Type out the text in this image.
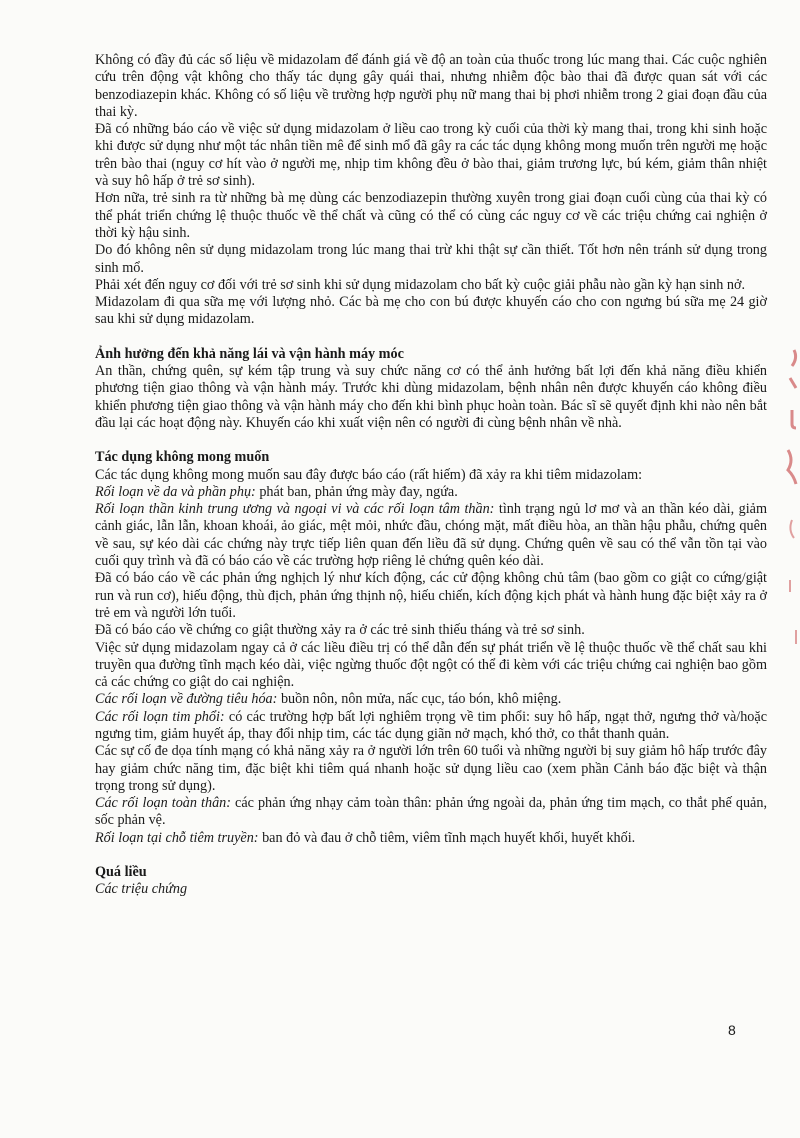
Không có đầy đủ các số liệu về midazolam để đánh giá về độ an toàn của thuốc trong lúc mang thai. Các cuộc nghiên cứu trên động vật không cho thấy tác dụng gây quái thai, nhưng nhiễm độc bào thai đã được quan sát với các benzodiazepin khác. Không có số liệu về trường hợp người phụ nữ mang thai bị phơi nhiễm trong 2 giai đoạn đầu của thai kỳ.

Đã có những báo cáo về việc sử dụng midazolam ở liều cao trong kỳ cuối của thời kỳ mang thai, trong khi sinh hoặc khi được sử dụng như một tác nhân tiền mê để sinh mổ đã gây ra các tác dụng không mong muốn trên người mẹ hoặc trên bào thai (nguy cơ hít vào ở người mẹ, nhịp tim không đều ở bào thai, giảm trương lực, bú kém, giảm thân nhiệt và suy hô hấp ở trẻ sơ sinh).

Hơn nữa, trẻ sinh ra từ những bà mẹ dùng các benzodiazepin thường xuyên trong giai đoạn cuối cùng của thai kỳ có thể phát triển chứng lệ thuộc thuốc về thể chất và cũng có thể có cùng các nguy cơ về các triệu chứng cai nghiện ở thời kỳ hậu sinh.

Do đó không nên sử dụng midazolam trong lúc mang thai trừ khi thật sự cần thiết. Tốt hơn nên tránh sử dụng trong sinh mổ.

Phải xét đến nguy cơ đối với trẻ sơ sinh khi sử dụng midazolam cho bất kỳ cuộc giải phẫu nào gần kỳ hạn sinh nở.

Midazolam đi qua sữa mẹ với lượng nhỏ. Các bà mẹ cho con bú được khuyến cáo cho con ngưng bú sữa mẹ 24 giờ sau khi sử dụng midazolam.

Ảnh hưởng đến khả năng lái và vận hành máy móc

An thần, chứng quên, sự kém tập trung và suy chức năng cơ có thể ảnh hưởng bất lợi đến khả năng điều khiển phương tiện giao thông và vận hành máy. Trước khi dùng midazolam, bệnh nhân nên được khuyến cáo không điều khiển phương tiện giao thông và vận hành máy cho đến khi bình phục hoàn toàn. Bác sĩ sẽ quyết định khi nào nên bắt đầu lại các hoạt động này. Khuyến cáo khi xuất viện nên có người đi cùng bệnh nhân về nhà.

Tác dụng không mong muốn

Các tác dụng không mong muốn sau đây được báo cáo (rất hiếm) đã xảy ra khi tiêm midazolam:

Rối loạn về da và phần phụ: phát ban, phản ứng mày đay, ngứa.

Rối loạn thần kinh trung ương và ngoại vi và các rối loạn tâm thần: tình trạng ngủ lơ mơ và an thần kéo dài, giảm cảnh giác, lẫn lẫn, khoan khoái, ảo giác, mệt mỏi, nhức đầu, chóng mặt, mất điều hòa, an thần hậu phẫu, chứng quên về sau, sự kéo dài các chứng này trực tiếp liên quan đến liều đã sử dụng. Chứng quên về sau có thể vẫn tồn tại vào cuối quy trình và đã có báo cáo về các trường hợp riêng lẻ chứng quên kéo dài.

Đã có báo cáo về các phản ứng nghịch lý như kích động, các cử động không chủ tâm (bao gồm co giật co cứng/giật run và run cơ), hiếu động, thù địch, phản ứng thịnh nộ, hiếu chiến, kích động kịch phát và hành hung đặc biệt xảy ra ở trẻ em và người lớn tuổi.

Đã có báo cáo về chứng co giật thường xảy ra ở các trẻ sinh thiếu tháng và trẻ sơ sinh.

Việc sử dụng midazolam ngay cả ở các liều điều trị có thể dẫn đến sự phát triển về lệ thuộc thuốc về thể chất sau khi truyền qua đường tĩnh mạch kéo dài, việc ngừng thuốc đột ngột có thể đi kèm với các triệu chứng cai nghiện bao gồm cả các chứng co giật do cai nghiện.

Các rối loạn về đường tiêu hóa: buồn nôn, nôn mửa, nấc cục, táo bón, khô miệng.

Các rối loạn tim phổi: có các trường hợp bất lợi nghiêm trọng về tim phổi: suy hô hấp, ngạt thở, ngưng thở và/hoặc ngưng tim, giảm huyết áp, thay đổi nhịp tim, các tác dụng giãn nở mạch, khó thở, co thắt thanh quản.

Các sự cố đe dọa tính mạng có khả năng xảy ra ở người lớn trên 60 tuổi và những người bị suy giảm hô hấp trước đây hay giảm chức năng tim, đặc biệt khi tiêm quá nhanh hoặc sử dụng liều cao (xem phần Cảnh báo đặc biệt và thận trọng trong sử dụng).

Các rối loạn toàn thân: các phản ứng nhạy cảm toàn thân: phản ứng ngoài da, phản ứng tim mạch, co thắt phế quản, sốc phản vệ.

Rối loạn tại chỗ tiêm truyền: ban đỏ và đau ở chỗ tiêm, viêm tĩnh mạch huyết khối, huyết khối.

Quá liều

Các triệu chứng

8
